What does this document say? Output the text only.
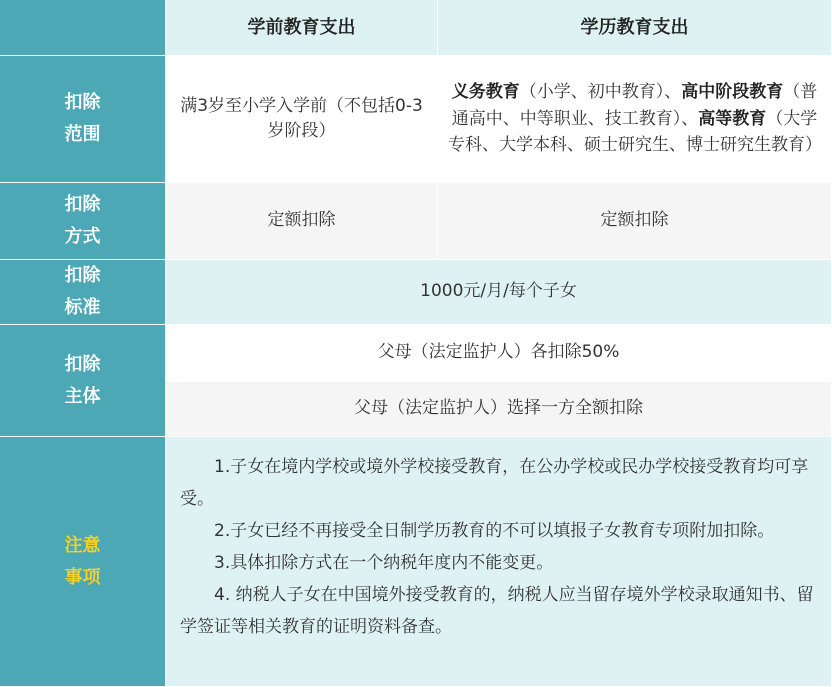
学前教育支出	学历教育支出
扣除
范围
满3岁至小学入学前（不包括0-3岁阶段）
义务教育（小学、初中教育）、高中阶段教育（普通高中、中等职业、技工教育）、高等教育（大学专科、大学本科、硕士研究生、博士研究生教育）
扣除
方式
定额扣除	定额扣除
扣除
标准
1000元/月/每个子女
扣除
主体
父母（法定监护人）各扣除50%
父母（法定监护人）选择一方全额扣除
注意
事项

1.子女在境内学校或境外学校接受教育，在公办学校或民办学校接受教育均可享受。

2.子女已经不再接受全日制学历教育的不可以填报子女教育专项附加扣除。

3.具体扣除方式在一个纳税年度内不能变更。

4. 纳税人子女在中国境外接受教育的，纳税人应当留存境外学校录取通知书、留学签证等相关教育的证明资料备查。
